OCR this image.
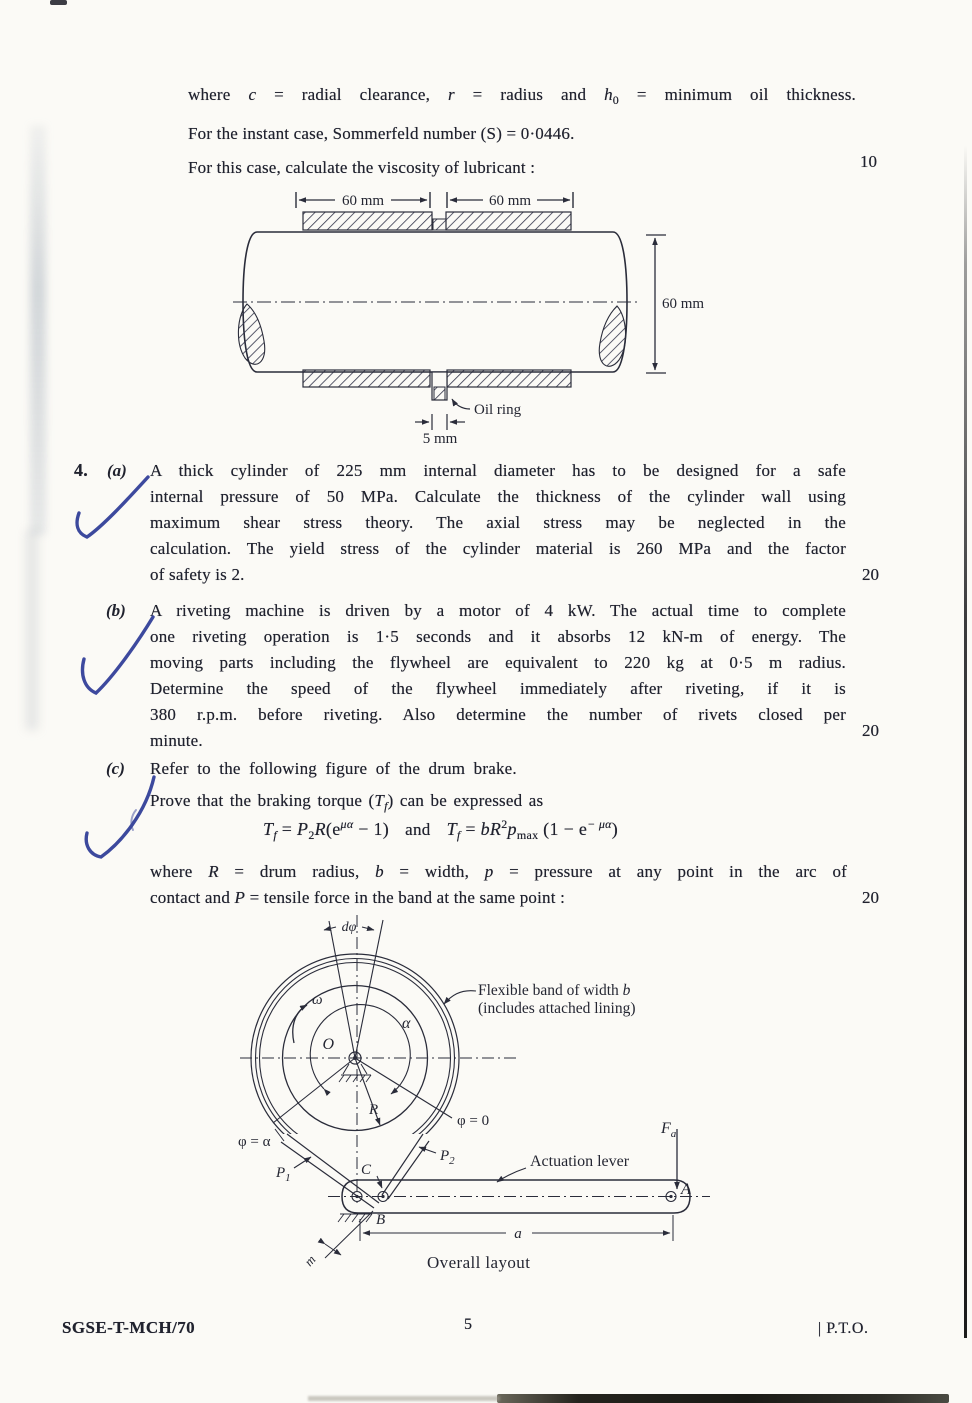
where c = radial clearance, r = radius and $h_0$ = minimum oil thickness.
For the instant case, Sommerfeld number (S) = 0·0446.
For this case, calculate the viscosity of lubricant :	10
60 mm	60 mm
60 mm
Oil ring
5 mm
4. (a) A thick cylinder of 225 mm internal diameter has to be designed for a safe
internal pressure of 50 MPa. Calculate the thickness of the cylinder wall using
maximum shear stress theory. The axial stress may be neglected in the
calculation. The yield stress of the cylinder material is 260 MPa and the factor
of safety is 2.	20
(b) A riveting machine is driven by a motor of 4 kW. The actual time to complete
one riveting operation is 1·5 seconds and it absorbs 12 kN-m of energy. The
moving parts including the flywheel are equivalent to 220 kg at 0·5 m radius.
Determine the speed of the flywheel immediately after riveting, if it is
380 r.p.m. before riveting. Also determine the number of rivets closed per
minute.
20
(c) Refer to the following figure of the drum brake.
Prove that the braking torque $(T_f)$ can be expressed as
$T_f = P_2R(e^{\mu\alpha} - 1)$ and $T_f = bR^2p_{max}$ $(1 - e^{- \mu\alpha})$
where R = drum radius, b = width, p = pressure at any point in the arc of
contact and P = tensile force in the band at the same point :	20
dφ
ω
α
R
φ = 0
φ = α
O
$P_1$
$P_2$
C
B
A
$F_a$
Actuation lever
a
m
Flexible band of width b
(includes attached lining)
Overall layout
SGSE-T-MCH/70	5	| P.T.O.
